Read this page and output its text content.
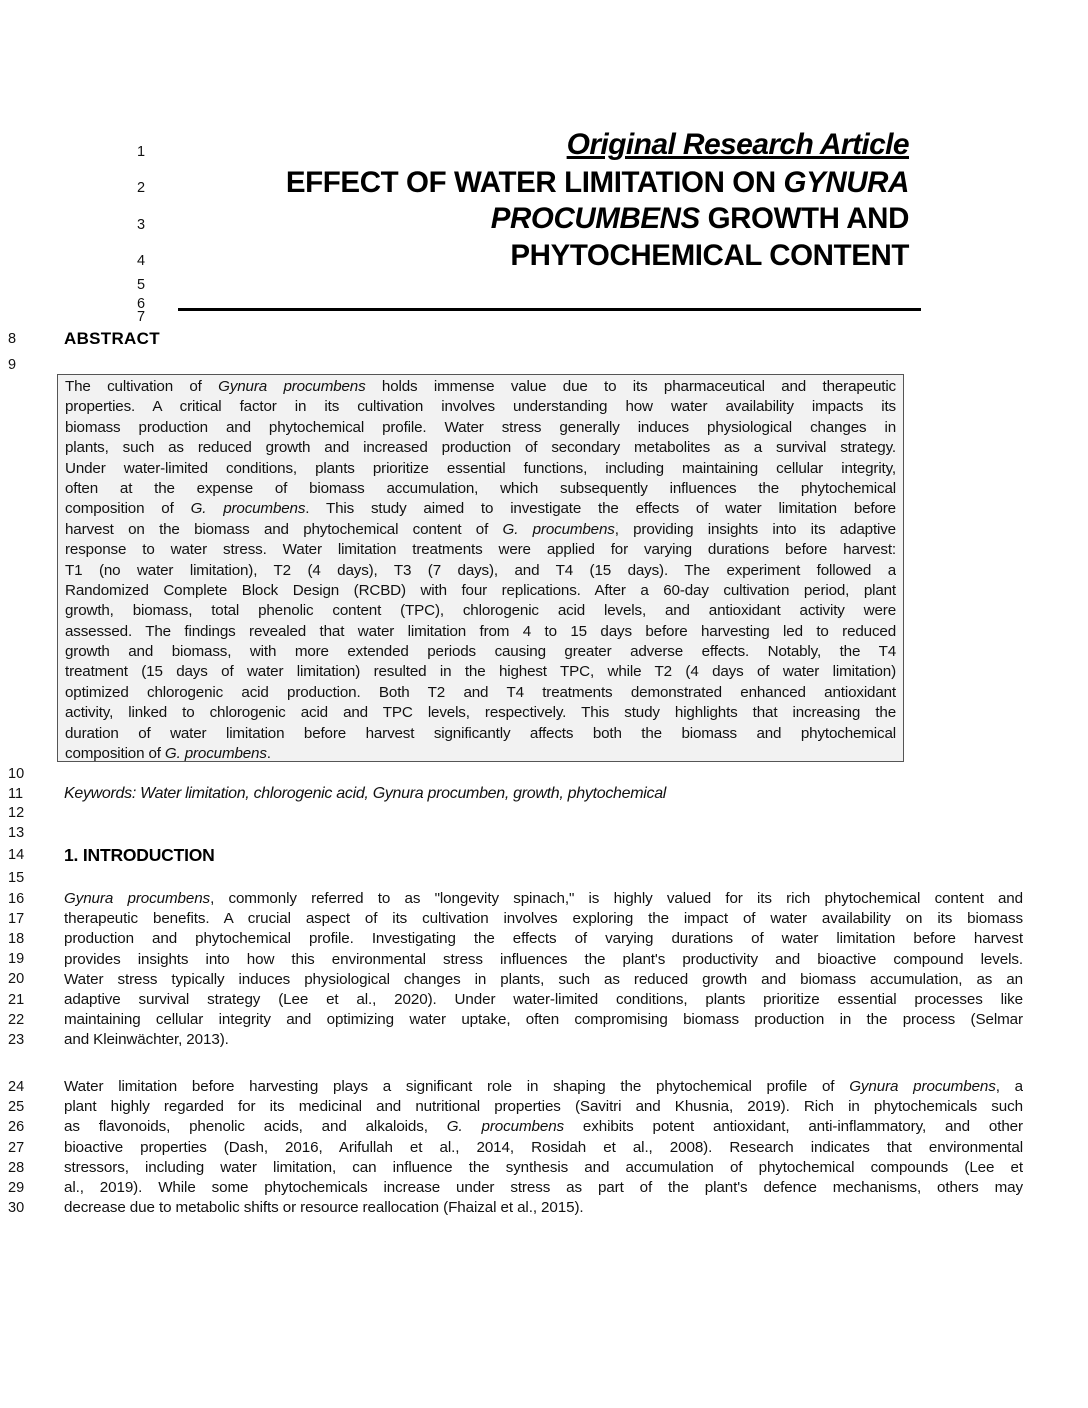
1
2
3
4
5
6
7
Original Research Article
EFFECT OF WATER LIMITATION ON GYNURA
PROCUMBENS GROWTH AND
PHYTOCHEMICAL CONTENT
8
9
ABSTRACT
The cultivation of Gynura procumbens holds immense value due to its pharmaceutical and therapeutic
properties. A critical factor in its cultivation involves understanding how water availability impacts its
biomass production and phytochemical profile. Water stress generally induces physiological changes in
plants, such as reduced growth and increased production of secondary metabolites as a survival strategy.
Under water-limited conditions, plants prioritize essential functions, including maintaining cellular integrity,
often at the expense of biomass accumulation, which subsequently influences the phytochemical
composition of G. procumbens. This study aimed to investigate the effects of water limitation before
harvest on the biomass and phytochemical content of G. procumbens, providing insights into its adaptive
response to water stress. Water limitation treatments were applied for varying durations before harvest:
T1 (no water limitation), T2 (4 days), T3 (7 days), and T4 (15 days). The experiment followed a
Randomized Complete Block Design (RCBD) with four replications. After a 60-day cultivation period, plant
growth, biomass, total phenolic content (TPC), chlorogenic acid levels, and antioxidant activity were
assessed. The findings revealed that water limitation from 4 to 15 days before harvesting led to reduced
growth and biomass, with more extended periods causing greater adverse effects. Notably, the T4
treatment (15 days of water limitation) resulted in the highest TPC, while T2 (4 days of water limitation)
optimized chlorogenic acid production. Both T2 and T4 treatments demonstrated enhanced antioxidant
activity, linked to chlorogenic acid and TPC levels, respectively. This study highlights that increasing the
duration of water limitation before harvest significantly affects both the biomass and phytochemical
composition of G. procumbens.
10
11	Keywords: Water limitation, chlorogenic acid, Gynura procumben, growth, phytochemical
12
13
14	1. INTRODUCTION
15
Gynura procumbens, commonly referred to as "longevity spinach," is highly valued for its rich phytochemical content and
therapeutic benefits. A crucial aspect of its cultivation involves exploring the impact of water availability on its biomass
production and phytochemical profile. Investigating the effects of varying durations of water limitation before harvest
provides insights into how this environmental stress influences the plant's productivity and bioactive compound levels.
Water stress typically induces physiological changes in plants, such as reduced growth and biomass accumulation, as an
adaptive survival strategy (Lee et al., 2020). Under water-limited conditions, plants prioritize essential processes like
maintaining cellular integrity and optimizing water uptake, often compromising biomass production in the process (Selmar
and Kleinwächter, 2013).
Water limitation before harvesting plays a significant role in shaping the phytochemical profile of Gynura procumbens, a
plant highly regarded for its medicinal and nutritional properties (Savitri and Khusnia, 2019). Rich in phytochemicals such
as flavonoids, phenolic acids, and alkaloids, G. procumbens exhibits potent antioxidant, anti-inflammatory, and other
bioactive properties (Dash, 2016, Arifullah et al., 2014, Rosidah et al., 2008). Research indicates that environmental
stressors, including water limitation, can influence the synthesis and accumulation of phytochemical compounds (Lee et
al., 2019). While some phytochemicals increase under stress as part of the plant's defence mechanisms, others may
decrease due to metabolic shifts or resource reallocation (Fhaizal et al., 2015).
16
17
18
19
20
21
22
23
24
25
26
27
28
29
30
